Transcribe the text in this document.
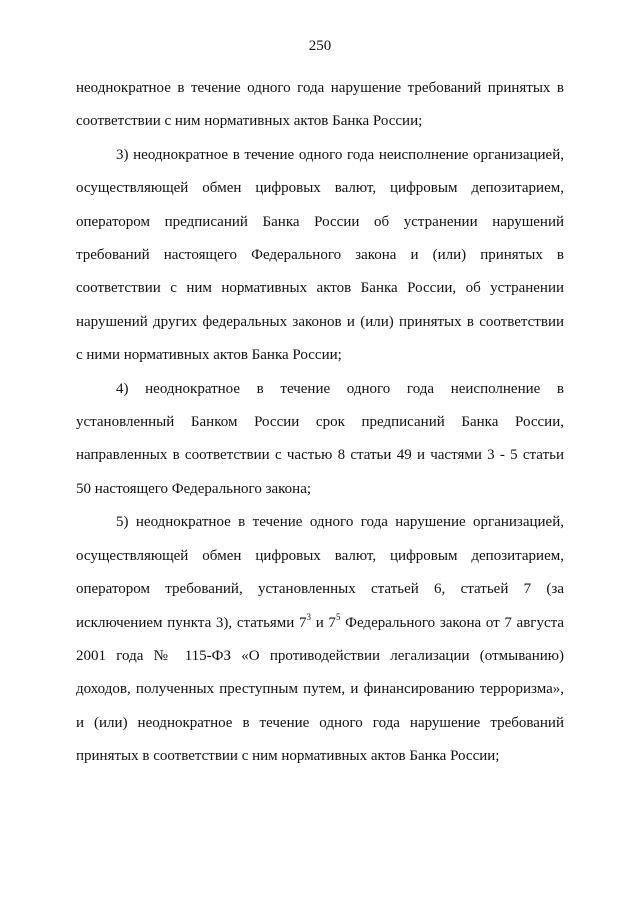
250

неоднократное в течение одного года нарушение требований принятых в
соответствии с ним нормативных актов Банка России;

3) неоднократное в течение одного года неисполнение организацией,
осуществляющей обмен цифровых валют, цифровым депозитарием,
оператором предписаний Банка России об устранении нарушений
требований настоящего Федерального закона и (или) принятых в
соответствии с ним нормативных актов Банка России, об устранении
нарушений других федеральных законов и (или) принятых в соответствии
с ними нормативных актов Банка России;

4) неоднократное в течение одного года неисполнение в
установленный Банком России срок предписаний Банка России,
направленных в соответствии с частью 8 статьи 49 и частями 3 - 5 статьи
50 настоящего Федерального закона;

5) неоднократное в течение одного года нарушение организацией,
осуществляющей обмен цифровых валют, цифровым депозитарием,
оператором требований, установленных статьей 6, статьей 7 (за
исключением пункта 3), статьями $7^3$ и $7^5$ Федерального закона от 7 августа
2001 года № 115-ФЗ «О противодействии легализации (отмыванию)
доходов, полученных преступным путем, и финансированию терроризма»,
и (или) неоднократное в течение одного года нарушение требований
принятых в соответствии с ним нормативных актов Банка России;
